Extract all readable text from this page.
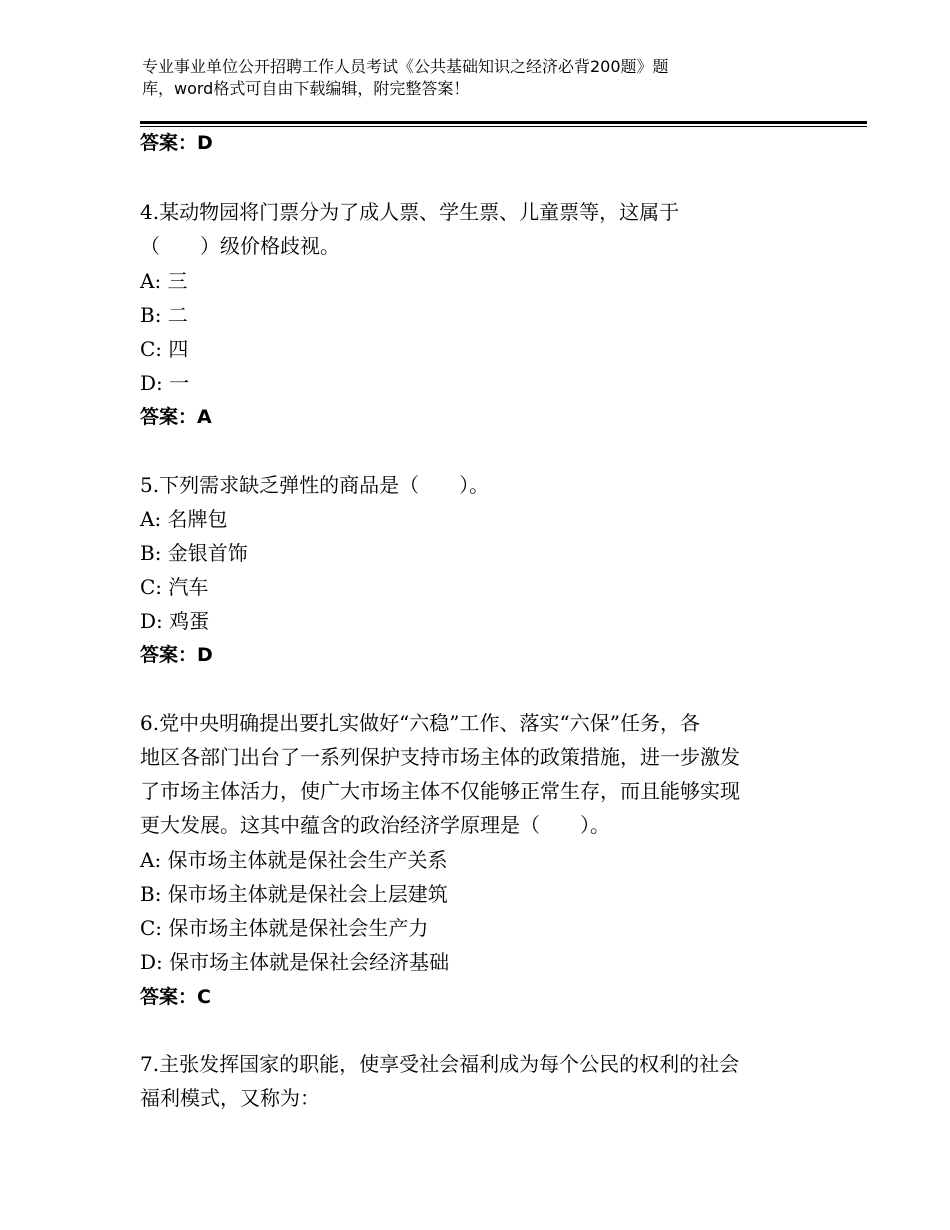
专业事业单位公开招聘工作人员考试《公共基础知识之经济必背200题》题
库，word格式可自由下载编辑，附完整答案！
答案：D
4.某动物园将门票分为了成人票、学生票、儿童票等，这属于
（　　）级价格歧视。
A: 三
B: 二
C: 四
D: 一
答案：A
5.下列需求缺乏弹性的商品是（　　）。
A: 名牌包
B: 金银首饰
C: 汽车
D: 鸡蛋
答案：D
6.党中央明确提出要扎实做好“六稳”工作、落实“六保”任务，各
地区各部门出台了一系列保护支持市场主体的政策措施，进一步激发
了市场主体活力，使广大市场主体不仅能够正常生存，而且能够实现
更大发展。这其中蕴含的政治经济学原理是（　　）。
A: 保市场主体就是保社会生产关系
B: 保市场主体就是保社会上层建筑
C: 保市场主体就是保社会生产力
D: 保市场主体就是保社会经济基础
答案：C
7.主张发挥国家的职能，使享受社会福利成为每个公民的权利的社会
福利模式，又称为：
